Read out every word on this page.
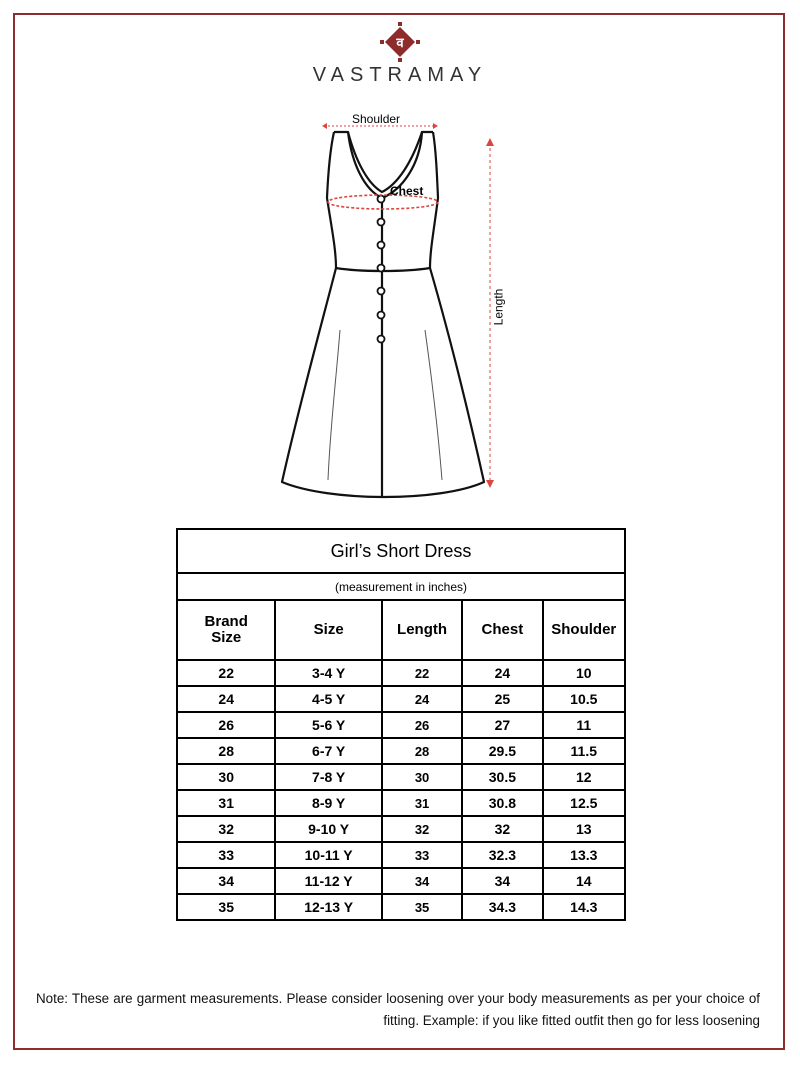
व
VASTRAMAY
Shoulder
Chest
Length
Girl’s Short Dress				
(measurement in inches)				
Brand Size	Size	Length	Chest	Shoulder
22	3-4 Y	22	24	10
24	4-5 Y	24	25	10.5
26	5-6 Y	26	27	11
28	6-7 Y	28	29.5	11.5
30	7-8 Y	30	30.5	12
31	8-9 Y	31	30.8	12.5
32	9-10 Y	32	32	13
33	10-11 Y	33	32.3	13.3
34	11-12 Y	34	34	14
35	12-13 Y	35	34.3	14.3
Note: These are garment measurements. Please consider loosening over your body measurements as per your choice of fitting. Example: if you like fitted outfit then go for less loosening
